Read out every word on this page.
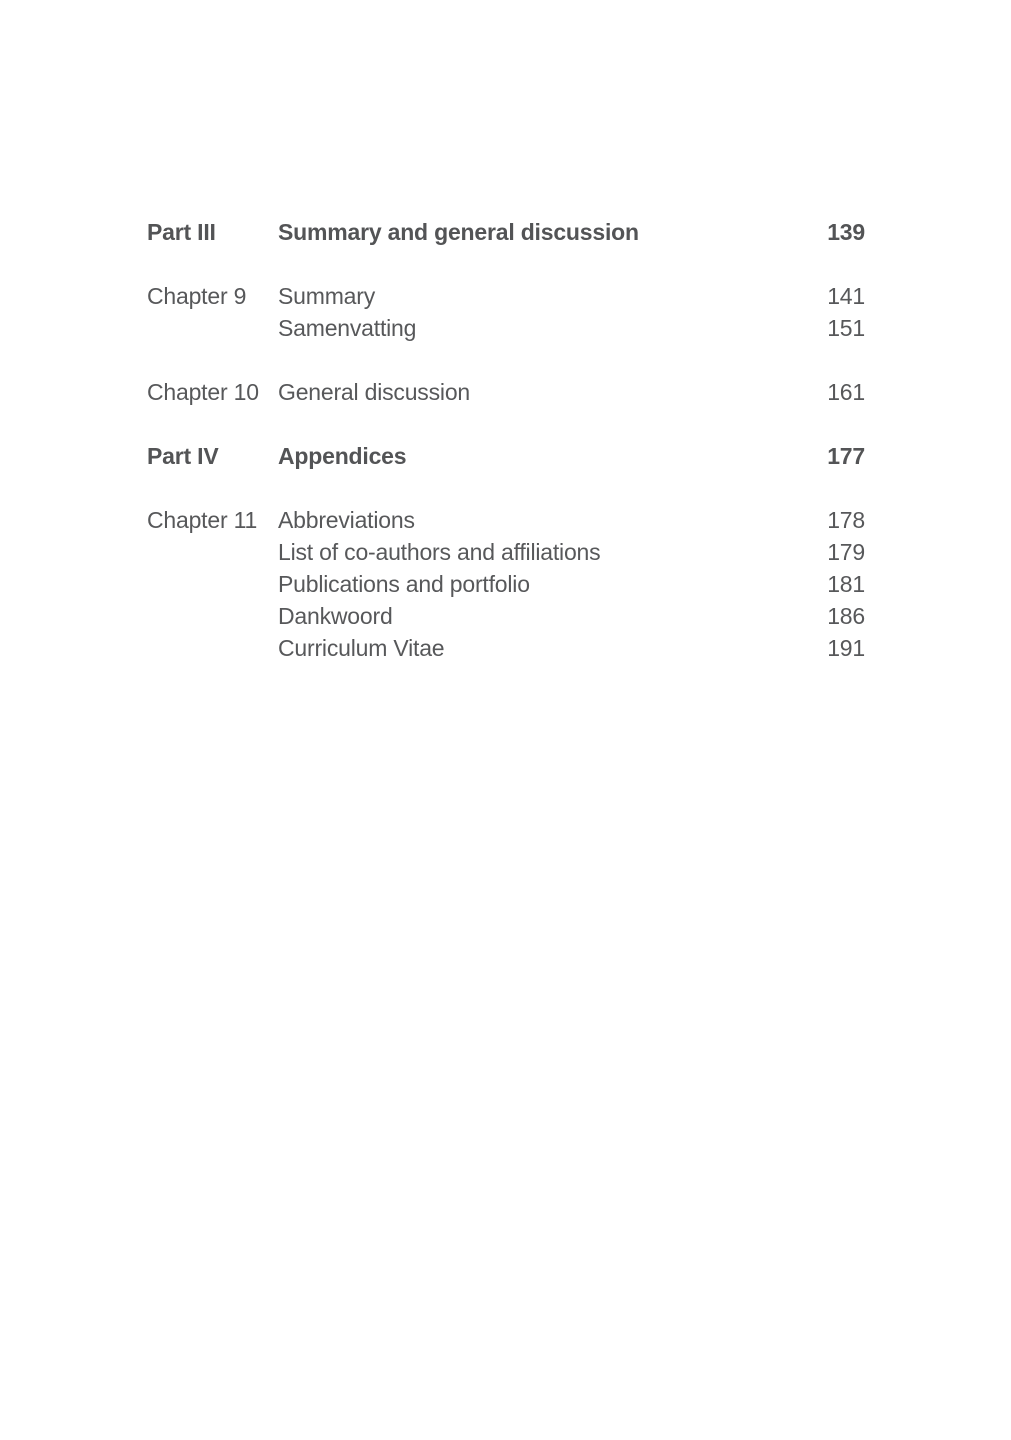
Part III	Summary and general discussion	139
Chapter 9	Summary	141
Samenvatting	151
Chapter 10 General discussion	161
Part IV	Appendices	177
Chapter 11 Abbreviations	178
List of co-authors and affiliations	179
Publications and portfolio	181
Dankwoord	186
Curriculum Vitae	191
